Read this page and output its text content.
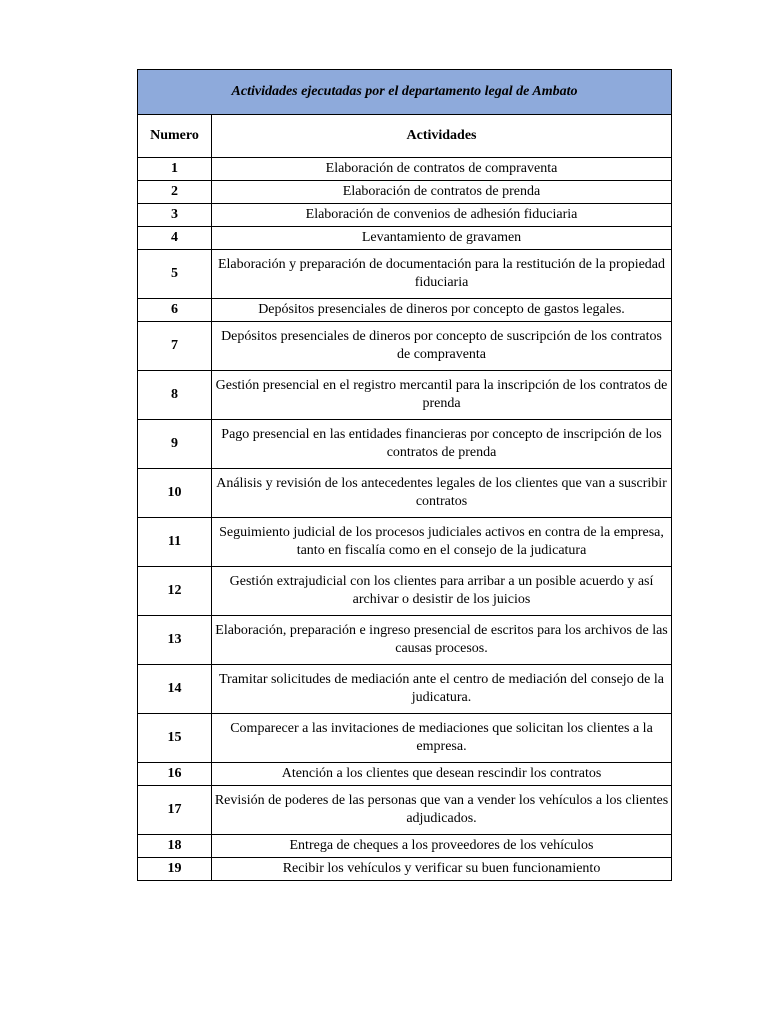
Actividades ejecutadas por el departamento legal de Ambato	
Numero	Actividades
1	Elaboración de contratos de compraventa
2	Elaboración de contratos de prenda
3	Elaboración de convenios de adhesión fiduciaria
4	Levantamiento de gravamen
5	Elaboración y preparación de documentación para la restitución de la propiedad fiduciaria
6	Depósitos presenciales de dineros por concepto de gastos legales.
7	Depósitos presenciales de dineros por concepto de suscripción de los contratos de compraventa
8	Gestión presencial en el registro mercantil para la inscripción de los contratos de prenda
9	Pago presencial en las entidades financieras por concepto de inscripción de los contratos de prenda
10	Análisis y revisión de los antecedentes legales de los clientes que van a suscribir contratos
11	Seguimiento judicial de los procesos judiciales activos en contra de la empresa, tanto en fiscalía como en el consejo de la judicatura
12	Gestión extrajudicial con los clientes para arribar a un posible acuerdo y así archivar o desistir de los juicios
13	Elaboración, preparación e ingreso presencial de escritos para los archivos de las causas procesos.
14	Tramitar solicitudes de mediación ante el centro de mediación del consejo de la judicatura.
15	Comparecer a las invitaciones de mediaciones que solicitan los clientes a la empresa.
16	Atención a los clientes que desean rescindir los contratos
17	Revisión de poderes de las personas que van a vender los vehículos a los clientes adjudicados.
18	Entrega de cheques a los proveedores de los vehículos
19	Recibir los vehículos y verificar su buen funcionamiento
